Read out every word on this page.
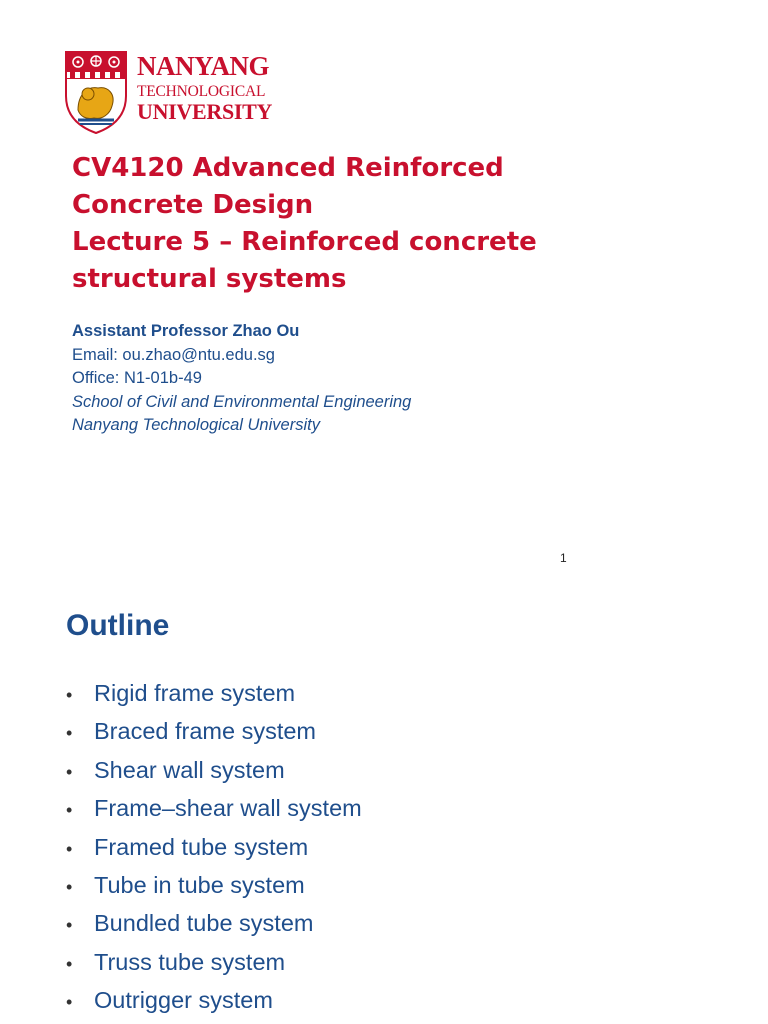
NANYANG
TECHNOLOGICAL
UNIVERSITY
CV4120 Advanced Reinforced
Concrete Design
Lecture 5 – Reinforced concrete
structural systems
Assistant Professor Zhao Ou
Email: ou.zhao@ntu.edu.sg
Office: N1-01b-49
School of Civil and Environmental Engineering
Nanyang Technological University
1
Outline
• Rigid frame system
• Braced frame system
• Shear wall system
• Frame–shear wall system
• Framed tube system
• Tube in tube system
• Bundled tube system
• Truss tube system
• Outrigger system
